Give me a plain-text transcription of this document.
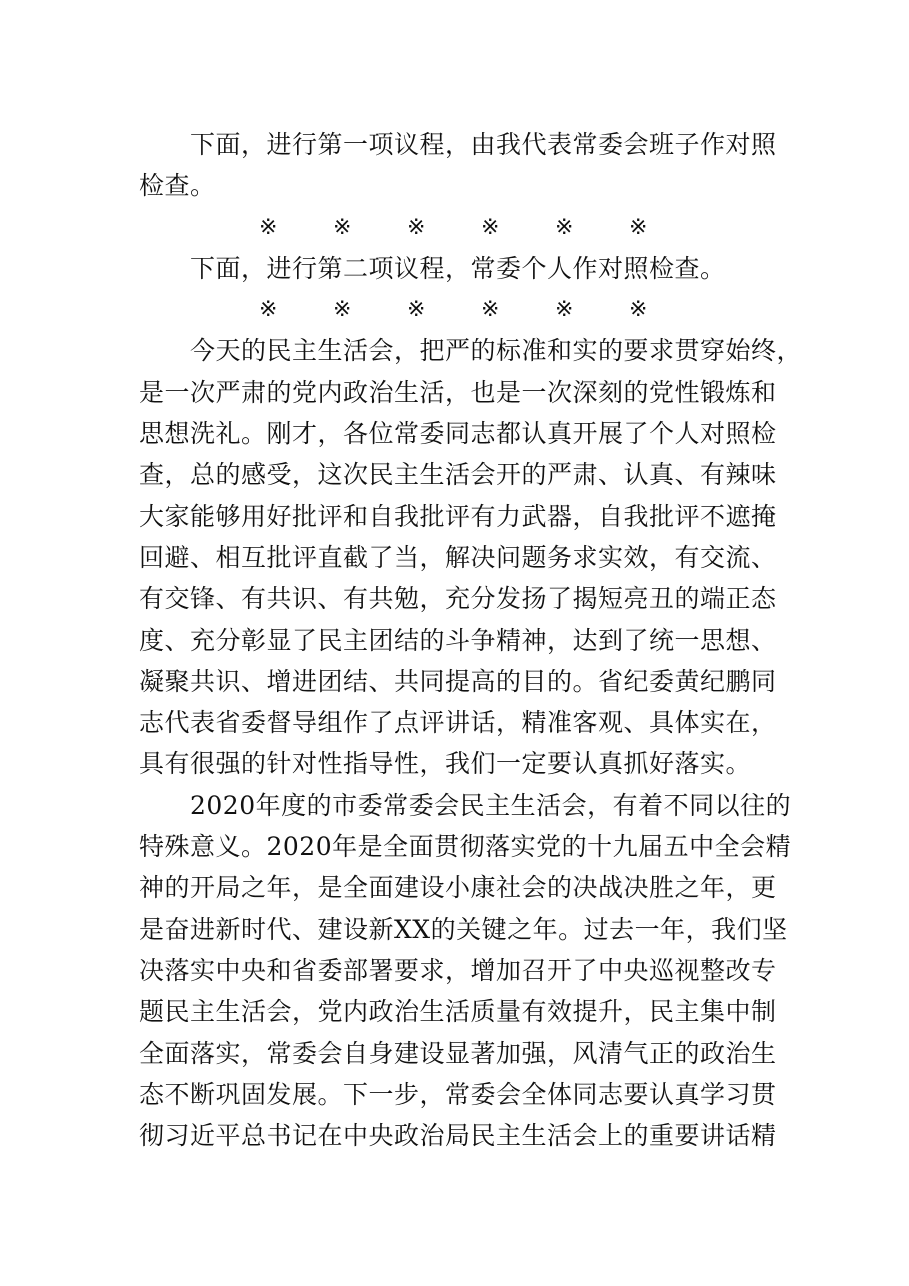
　　下面，进行第一项议程，由我代表常委会班子作对照
检查。
※	※	※	※	※	※
　　下面，进行第二项议程，常委个人作对照检查。
※	※	※	※	※	※
　　今天的民主生活会，把严的标准和实的要求贯穿始终，
是一次严肃的党内政治生活，也是一次深刻的党性锻炼和
思想洗礼。刚才，各位常委同志都认真开展了个人对照检
查，总的感受，这次民主生活会开的严肃、认真、有辣味
大家能够用好批评和自我批评有力武器，自我批评不遮掩
回避、相互批评直截了当，解决问题务求实效，有交流、
有交锋、有共识、有共勉，充分发扬了揭短亮丑的端正态
度、充分彰显了民主团结的斗争精神，达到了统一思想、
凝聚共识、增进团结、共同提高的目的。省纪委黄纪鹏同
志代表省委督导组作了点评讲话，精准客观、具体实在，
具有很强的针对性指导性，我们一定要认真抓好落实。
　　2020年度的市委常委会民主生活会，有着不同以往的
特殊意义。2020年是全面贯彻落实党的十九届五中全会精
神的开局之年，是全面建设小康社会的决战决胜之年，更
是奋进新时代、建设新XX的关键之年。过去一年，我们坚
决落实中央和省委部署要求，增加召开了中央巡视整改专
题民主生活会，党内政治生活质量有效提升，民主集中制
全面落实，常委会自身建设显著加强，风清气正的政治生
态不断巩固发展。下一步，常委会全体同志要认真学习贯
彻习近平总书记在中央政治局民主生活会上的重要讲话精
